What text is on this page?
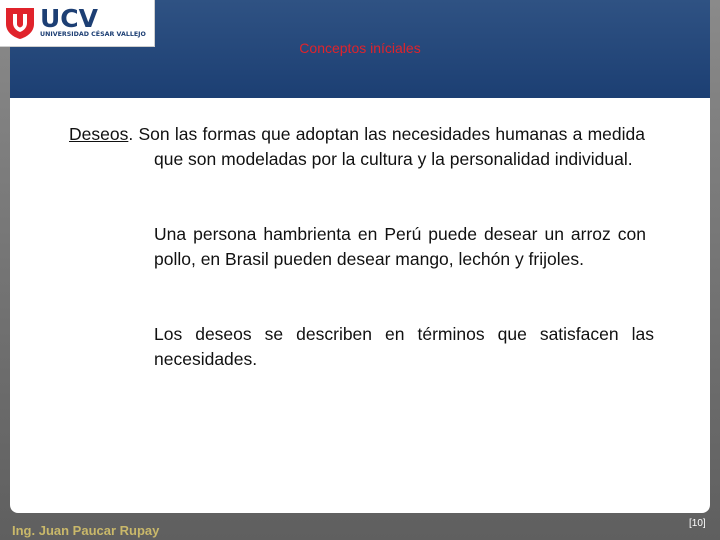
UCV
UNIVERSIDAD CÉSAR VALLEJO
Conceptos iníciales
Deseos. Son las formas que adoptan las necesidades humanas a medida que son modeladas por la cultura y la personalidad individual.
Una persona hambrienta en Perú puede desear un arroz con pollo, en Brasil pueden desear mango, lechón y frijoles.
Los deseos se describen en términos que satisfacen las necesidades.
Ing. Juan Paucar Rupay	[10]
